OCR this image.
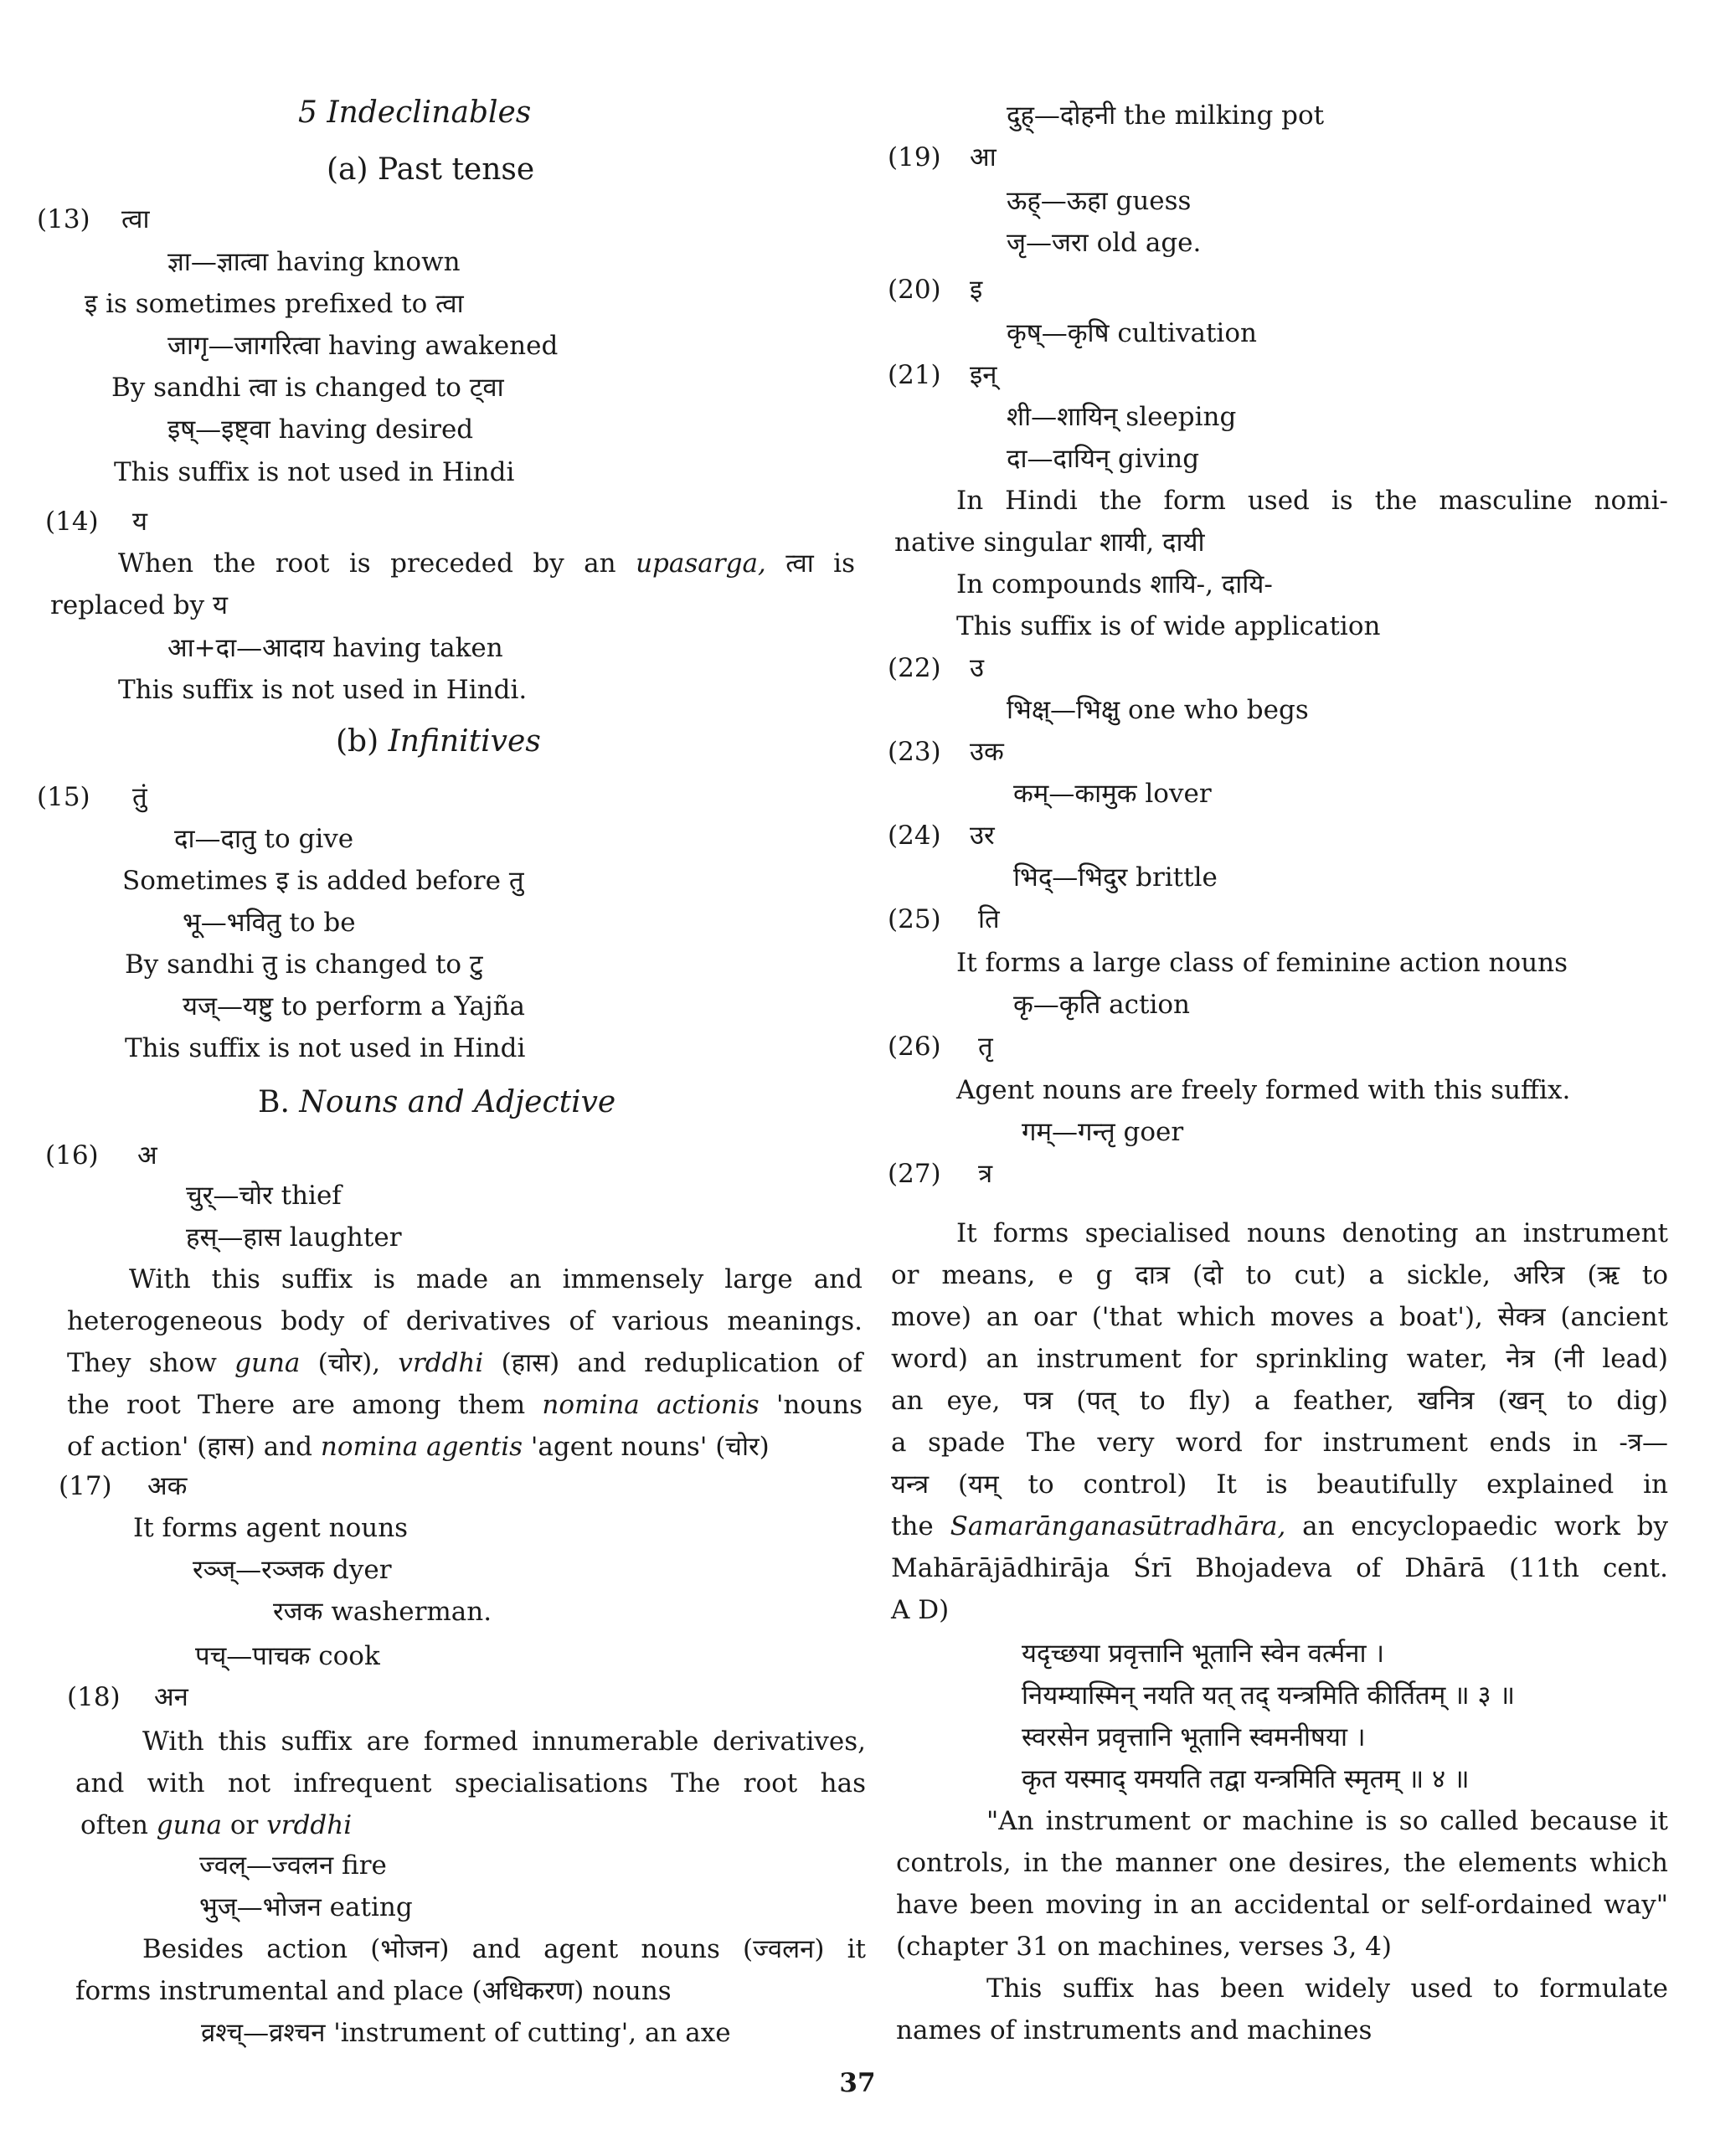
5 Indeclinables
(a) Past tense
(13) त्वा
ज्ञा—ज्ञात्वा having known
इ is sometimes prefixed to त्वा
जागृ—जागरित्वा having awakened
By sandhi त्वा is changed to ट्वा
इष्—इष्ट्वा having desired
This suffix is not used in Hindi
(14) य
When the root is preceded by an upasarga, त्वा is
replaced by य
आ+दा—आदाय having taken
This suffix is not used in Hindi.
(b) Infinitives
(15) तुं
दा—दातु to give
Sometimes इ is added before तु
भू—भवितु to be
By sandhi तु is changed to टु
यज्—यष्टु to perform a Yajña
This suffix is not used in Hindi
B. Nouns and Adjective
(16) अ
चुर्—चोर thief
हस्—हास laughter
With this suffix is made an immensely large and
heterogeneous body of derivatives of various meanings.
They show guna (चोर), vrddhi (हास) and reduplication of
the root There are among them nomina actionis 'nouns
of action' (हास) and nomina agentis 'agent nouns' (चोर)
(17) अक
It forms agent nouns
रञ्ज्—रञ्जक dyer
रजक washerman.
पच्—पाचक cook
(18) अन
With this suffix are formed innumerable derivatives,
and with not infrequent specialisations The root has
often guna or vrddhi
ज्वल्—ज्वलन fire
भुज्—भोजन eating
Besides action (भोजन) and agent nouns (ज्वलन) it
forms instrumental and place (अधिकरण) nouns
व्रश्च्—व्रश्चन 'instrument of cutting', an axe
दुह्—दोहनी the milking pot
(19) आ
ऊह्—ऊहा guess
जृ—जरा old age.
(20) इ
कृष्—कृषि cultivation
(21) इन्
शी—शायिन् sleeping
दा—दायिन् giving
In Hindi the form used is the masculine nomi-
native singular शायी, दायी
In compounds शायि-, दायि-
This suffix is of wide application
(22) उ
भिक्ष्—भिक्षु one who begs
(23) उक
कम्—कामुक lover
(24) उर
भिद्—भिदुर brittle
(25) ति
It forms a large class of feminine action nouns
कृ—कृति action
(26) तृ
Agent nouns are freely formed with this suffix.
गम्—गन्तृ goer
(27) त्र
It forms specialised nouns denoting an instrument
or means, e g दात्र (दो to cut) a sickle, अरित्र (ऋ to
move) an oar ('that which moves a boat'), सेक्त्र (ancient
word) an instrument for sprinkling water, नेत्र (नी lead)
an eye, पत्र (पत् to fly) a feather, खनित्र (खन् to dig)
a spade The very word for instrument ends in -त्र—
यन्त्र (यम् to control) It is beautifully explained in
the Samarānganasūtradhāra, an encyclopaedic work by
Mahārājādhirāja Śrī Bhojadeva of Dhārā (11th cent.
A D)
यदृच्छया प्रवृत्तानि भूतानि स्वेन वर्त्मना ।
नियम्यास्मिन् नयति यत् तद् यन्त्रमिति कीर्तितम् ॥ ३ ॥
स्वरसेन प्रवृत्तानि भूतानि स्वमनीषया ।
कृत यस्माद् यमयति तद्वा यन्त्रमिति स्मृतम् ॥ ४ ॥
"An instrument or machine is so called because it
controls, in the manner one desires, the elements which
have been moving in an accidental or self-ordained way"
(chapter 31 on machines, verses 3, 4)
This suffix has been widely used to formulate
names of instruments and machines
37
